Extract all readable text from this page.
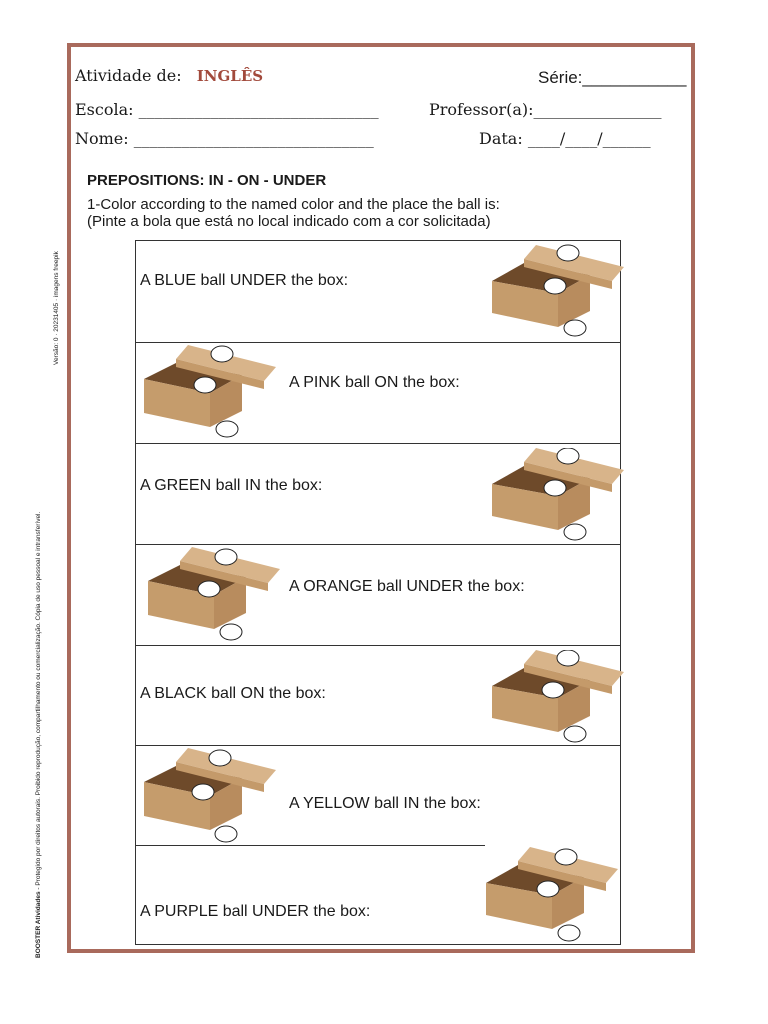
Atividade de: INGLÊS	Série:___________
Escola: ______________________________	Professor(a):________________
Nome: ______________________________	Data: ____/____/______
PREPOSITIONS: IN - ON - UNDER
1-Color according to the named color and the place the ball is:
(Pinte a bola que está no local indicado com a cor solicitada)
A BLUE ball UNDER the box:
A PINK ball ON the box:
A GREEN ball IN the box:
A ORANGE ball UNDER the box:
A BLACK ball ON the box:
A YELLOW ball IN the box:
A PURPLE ball UNDER the box:
BOOSTER Atividades - Protegido por direitos autorais. Proibido reprodução, compartilhamento ou comercialização. Cópia de uso pessoal e intransferível.
Versão: 0 · 20231405 · imagens freepik
